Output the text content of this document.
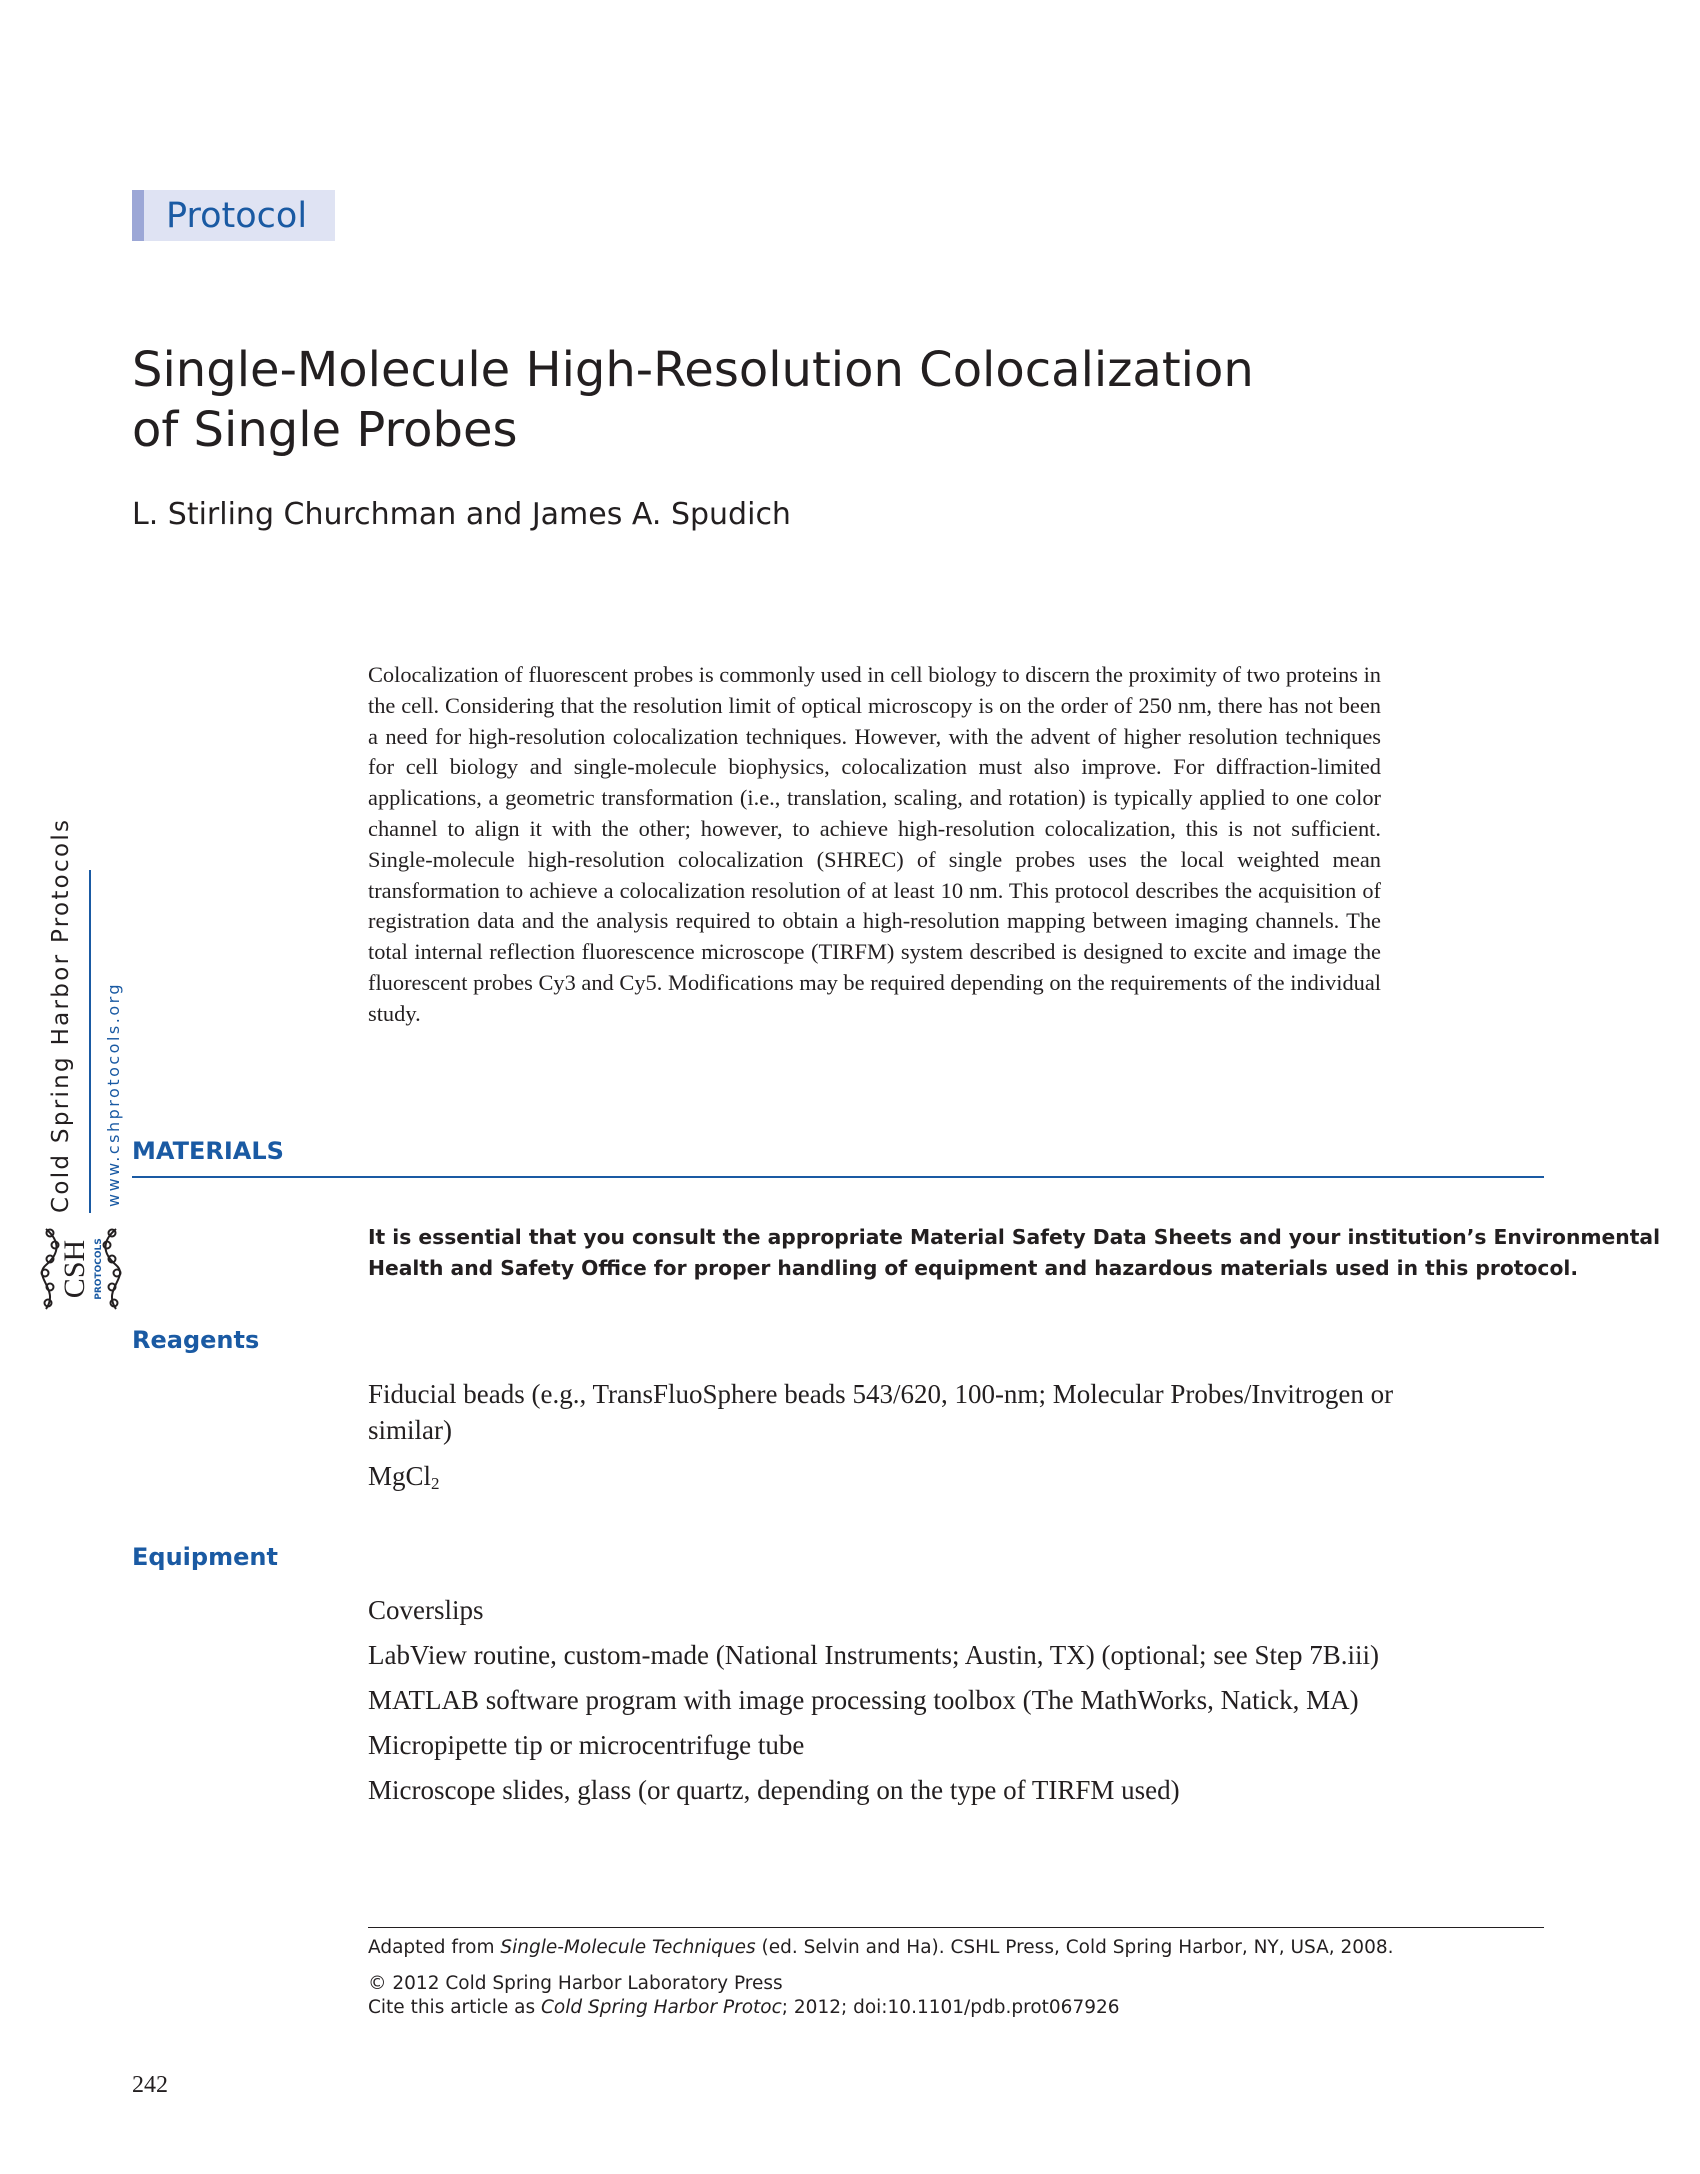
Protocol
Single-Molecule High-Resolution Colocalization
of Single Probes
L. Stirling Churchman and James A. Spudich

Colocalization of fluorescent probes is commonly used in cell biology to discern the proximity of two proteins in the cell. Considering that the resolution limit of optical microscopy is on the order of 250 nm, there has not been a need for high-resolution colocalization techniques. However, with the advent of higher resolution techniques for cell biology and single-molecule biophysics, colocalization must also improve. For diffraction-limited applications, a geometric transformation (i.e., translation, scaling, and rotation) is typically applied to one color channel to align it with the other; however, to achieve high-resolution colocalization, this is not sufficient. Single-molecule high-resolution colocalization (SHREC) of single probes uses the local weighted mean transformation to achieve a colocalization resolution of at least 10 nm. This protocol describes the acquisition of registration data and the analysis required to obtain a high-resolution mapping between imaging channels. The total internal reflection fluorescence microscope (TIRFM) system described is designed to excite and image the fluorescent probes Cy3 and Cy5. Modifications may be required depending on the requirements of the individual study.

Cold Spring Harbor Protocols www.cshprotocols.org
CSH PROTOCOLS
MATERIALS
It is essential that you consult the appropriate Material Safety Data Sheets and your institution’s Environmental
Health and Safety Office for proper handling of equipment and hazardous materials used in this protocol.
Reagents
Fiducial beads (e.g., TransFluoSphere beads 543/620, 100-nm; Molecular Probes/Invitrogen or
similar)
MgCl$_2$
Equipment
Coverslips
LabView routine, custom-made (National Instruments; Austin, TX) (optional; see Step 7B.iii)
MATLAB software program with image processing toolbox (The MathWorks, Natick, MA)
Micropipette tip or microcentrifuge tube
Microscope slides, glass (or quartz, depending on the type of TIRFM used)
Adapted from Single-Molecule Techniques (ed. Selvin and Ha). CSHL Press, Cold Spring Harbor, NY, USA, 2008.
© 2012 Cold Spring Harbor Laboratory Press
Cite this article as Cold Spring Harbor Protoc; 2012; doi:10.1101/pdb.prot067926
242
